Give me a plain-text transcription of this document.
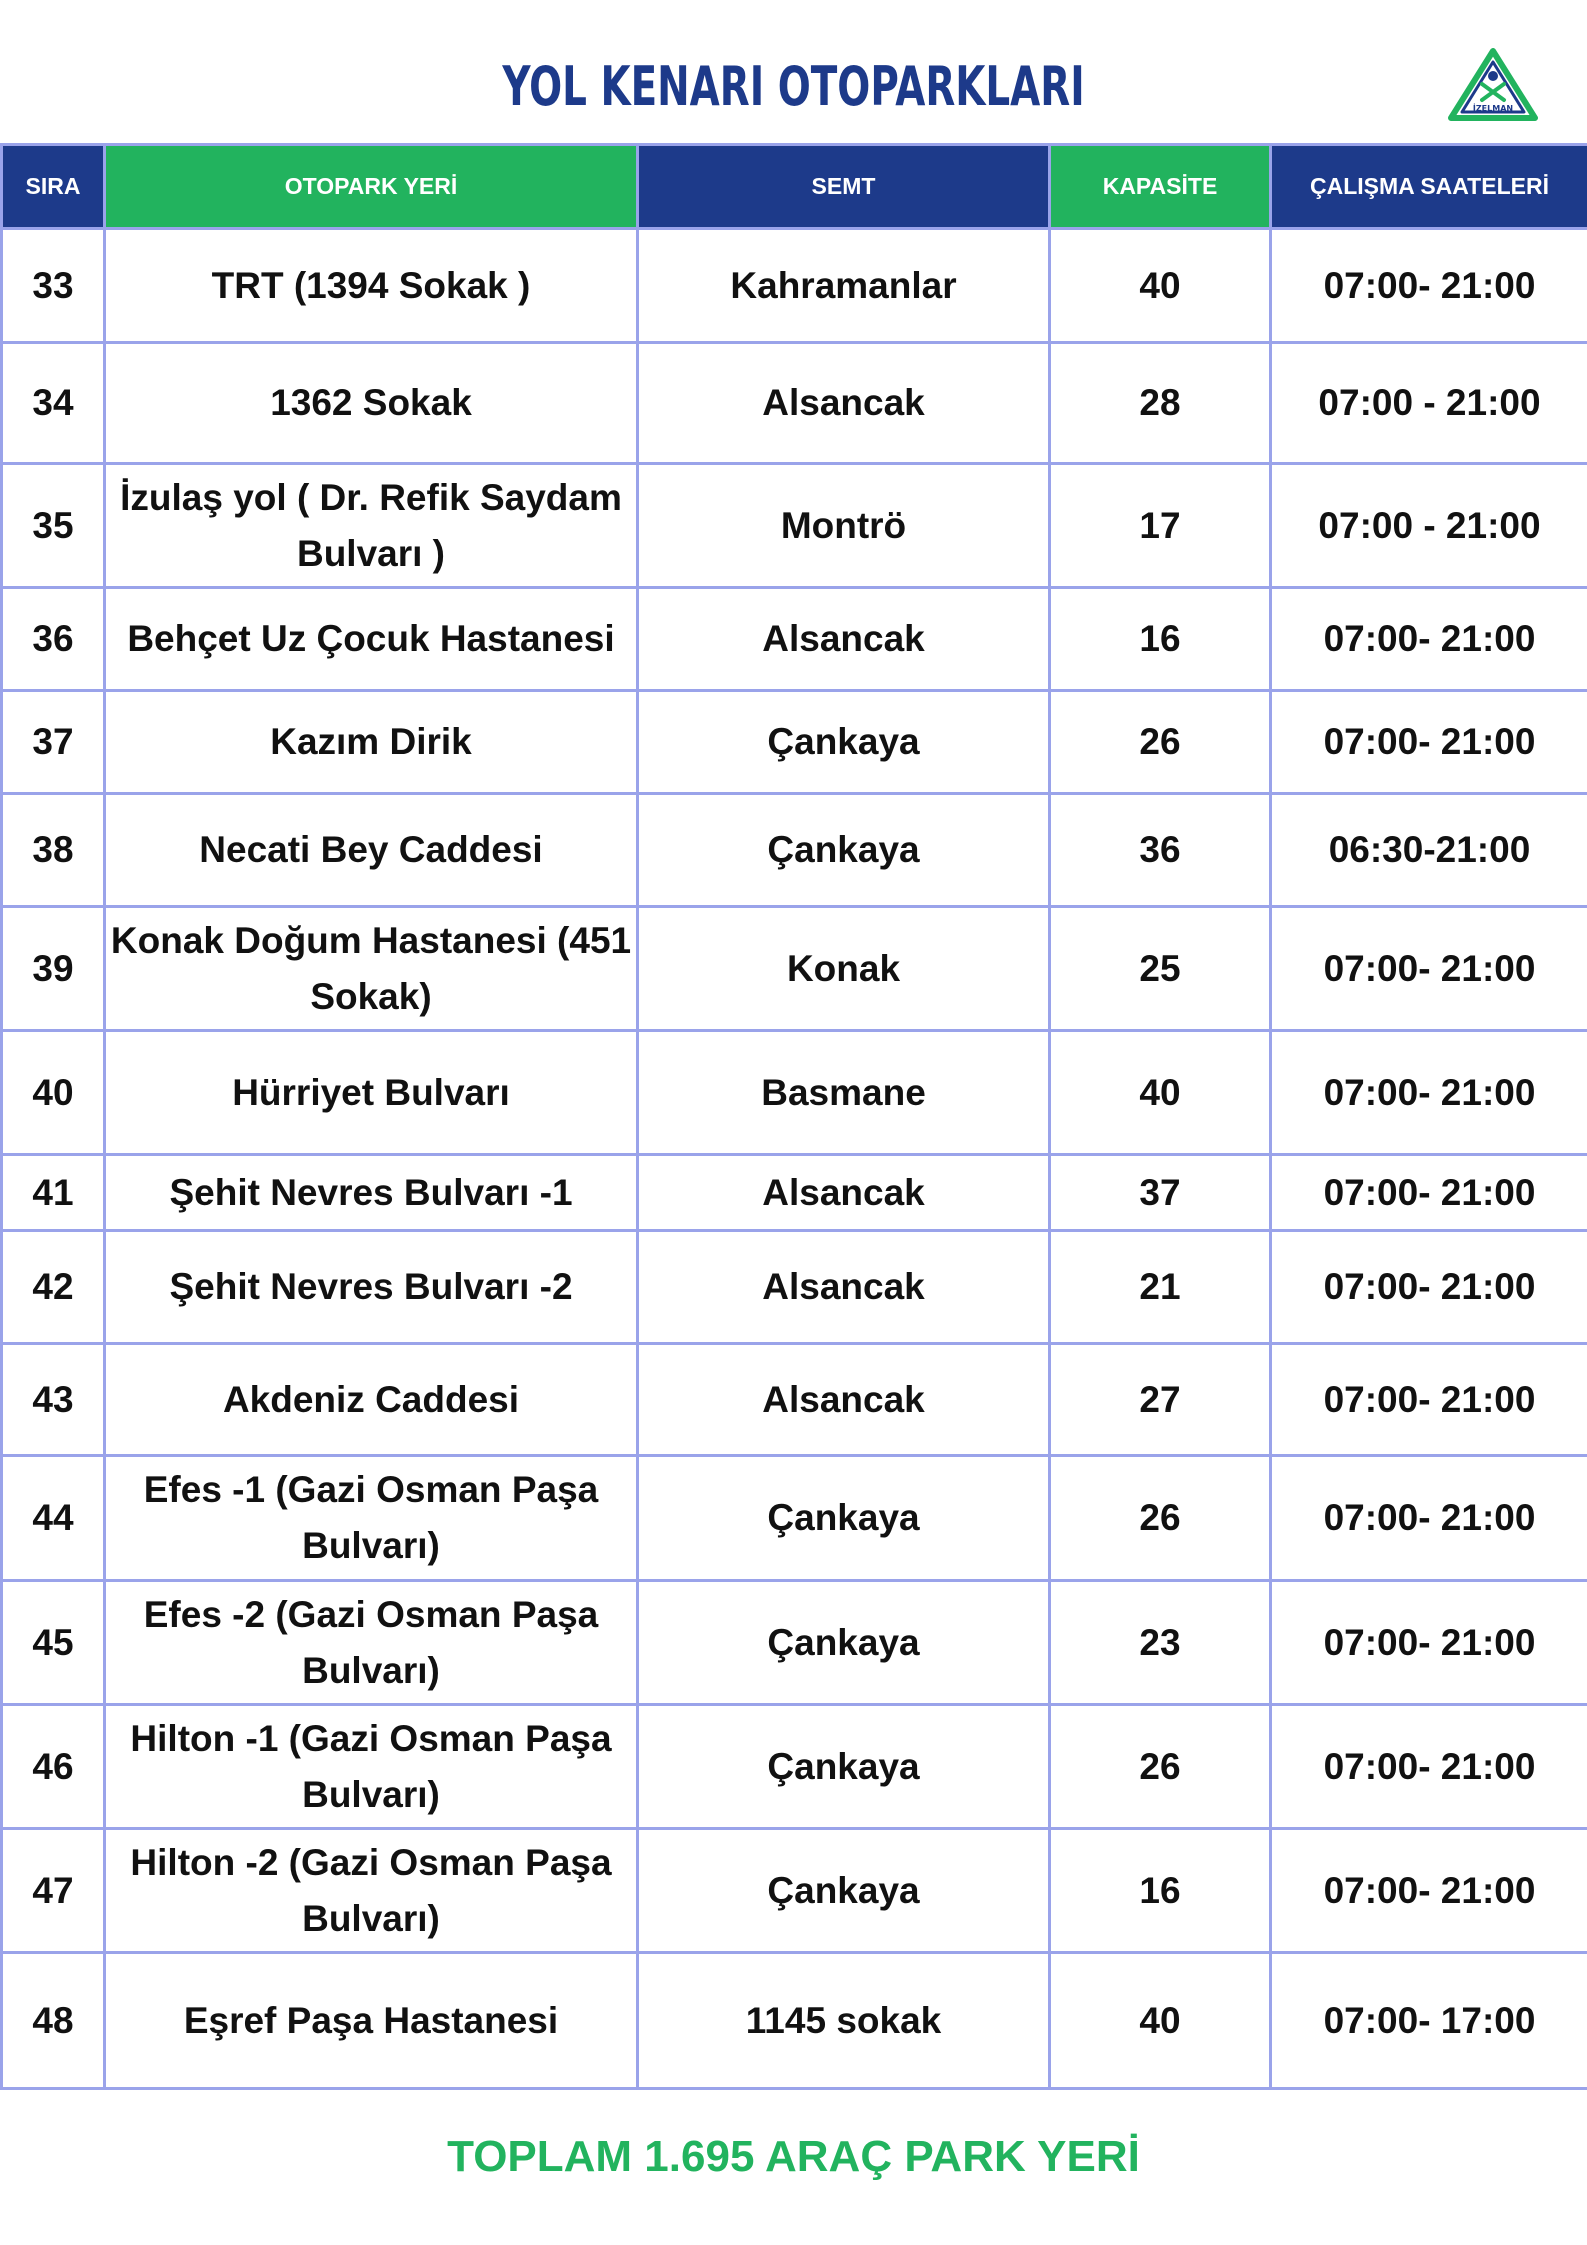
YOL KENARI OTOPARKLARI	İZELMAN
SIRA	OTOPARK YERİ	SEMT	KAPASİTE	ÇALIŞMA SAATELERİ
33	TRT (1394 Sokak )	Kahramanlar	40	07:00- 21:00
34	1362 Sokak	Alsancak	28	07:00 - 21:00
35	İzulaş yol ( Dr. Refik Saydam Bulvarı )	Montrö	17	07:00 - 21:00
36	Behçet Uz Çocuk Hastanesi	Alsancak	16	07:00- 21:00
37	Kazım Dirik	Çankaya	26	07:00- 21:00
38	Necati Bey Caddesi	Çankaya	36	06:30-21:00
39	Konak Doğum Hastanesi (451 Sokak)	Konak	25	07:00- 21:00
40	Hürriyet Bulvarı	Basmane	40	07:00- 21:00
41	Şehit Nevres Bulvarı -1	Alsancak	37	07:00- 21:00
42	Şehit Nevres Bulvarı -2	Alsancak	21	07:00- 21:00
43	Akdeniz Caddesi	Alsancak	27	07:00- 21:00
44	Efes -1 (Gazi Osman Paşa Bulvarı)	Çankaya	26	07:00- 21:00
45	Efes -2 (Gazi Osman Paşa Bulvarı)	Çankaya	23	07:00- 21:00
46	Hilton -1 (Gazi Osman Paşa Bulvarı)	Çankaya	26	07:00- 21:00
47	Hilton -2 (Gazi Osman Paşa Bulvarı)	Çankaya	16	07:00- 21:00
48	Eşref Paşa Hastanesi	1145 sokak	40	07:00- 17:00
TOPLAM 1.695 ARAÇ PARK YERİ
